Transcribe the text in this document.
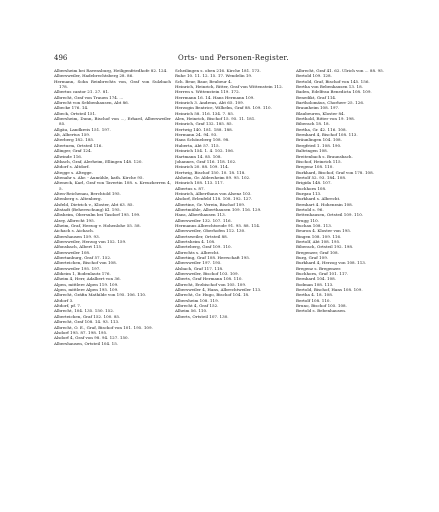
496	Orts- und Personen-Register.

Albersheim bei Ravensburg, Heiligenfriedhofe 82. 124.

Albersweiler, Hadebrechtsberg 28. 86.

Hermann, Sohn Reinbrechts von, Graf von Sulzbach 178.

Albertus cantor 21. 27. 81.

Albrecht, Graf von Trauen 174. ...

Albrecht von Sebbenhausen, Abt 86.

Albecke 176. 14.

Albeck, Ortsteil 151.

Albersheim, Dunn, Bischof von ..., Erhard, Albersweiler 85.

Allgäu, Landkreis 151. 197.

Alt, Albertus 159.

Alterberg 182. 185.

Alterturm, Ortsteil 116.

Allinger, Graf 124.

Allwinde 116.

Altbach, Graf, Alerheim, Ellingen 148. 120.

Altdorf s. Altdorf.

Altegge s. Altegge.

Altenahr s. Ahr. - Aumühle, kath. Kirche 95.

Alteneck, Karl, Graf von Tavertin 108. s. Kreuzherren 4, 5.

Alten-Reichenau, Berchtold 195.

Altenberg s. Altenberg.

Alsfeld, Dietrich v., Kloster, Abt 63. 85.

Altstadt (Beherrschung) Kl. 195.

Albsheim, Obersulm bei Tasdorf 195. 199.

Alzey, Albrecht 195.

Alheim, Graf, Herzog v. Hohenlohe 55. 58.

Aichach s. Aichach.

Albershausen 159. 93.

Albersweiler, Herzog von 152. 159.

Alfonsbach, Albert 115.

Albersweiler 108.

Albertanburg, Graf 57. 152.

Alberteichen, Bischof von 108.

Albersweiler 195. 197.

Albheim 1, Bodenlautz 176.

Alheim 4, Herr, Adalbert von 36.

Alpen, mittlere Alpen 119. 109.

Alpen, mittlere Alpen 195. 109.

Albrecht, Gräfin Mathilde von 195. 106. 110.

Altdorf 3.

Altdorf, pf. 7.

Albrecht, 104. 135. 150. 152.

Alberteichen, Graf 152. 100. 85.

Albrecht, Graf 108. 14. 93. 113.

Albrecht, O. E., Graf, Bischof von 101. 195. 109.

Alsdorf 195. 87. 198. 195.

Alsdorf 4, Graf von 98. 94. 127. 150.

Albershausen, Ortsteil 104. 15.

Scheilingen s. oben 216. Kirche 181. 173.

Ruhe 10. 11. 12. 15. 17. Wendelin 19.

Sch. Beur, Baur, Beubeur 4.

Heinrich, Heinrich, Ritter, Graf von Wittenstein 112.

Herren s. Wittenstein 119. 172.

Herrmann 16. 14. Hans Hermann 109.

Heinrich 3. Andreas, Abt 65. 109.

Herzogin Beatrice, Wilhelm, Graf 88. 109. 110.

Heinrich 58. 116. 134. 7. 85.

Alex, Heinrich, Bischof 15. 95. 11. 181.

Heinrich, Graf 132. 185. 85.

Hertwig 140. 181. 188. 188.

Hermann 24. 94. 93.

Hans Schöneberg 108. 98.

Huberta, Abt 57. 115.

Heinrich 154. 1. 4. 102. 106.

Hartmann 14. 85. 108.

Johannes, Graf 116. 118. 102.

Heinrich 20. 88. 109. 114.

Hertwig, Bischof 150. 10. 18. 118.

Alsheim, Gr. Aldersheim 89. 95. 102.

Heinrich 108. 113. 117.

Albertus s. 87.

Heinrich, Alberthaus von Alsenz 103.

Alsdorf, Erlenfeld 118. 108. 192. 127.

Albertine, Gr. Verein, Bischof 109.

Albertmühle, Alberthausen 109. 116. 129.

Hans, Alberthausen 113.

Albersweiler 132. 107. 116.

Hermanns Albrechtsrode 91. 95. 88. 114.

Albersweiler, Oberhofen 112. 130.

Albertsweiler, Ortsteil 88.

Albertsheim 4. 108.

Alberteberg, Graf 109. 110.

Albrechts s. Albrecht.

Alberting, Graf 108. Herrschaft 195.

Albersweiler 197. 195.

Alsbach, Graf 117. 118.

Albersweiler, Bischof 103. 109.

Alberts, Graf Hermann 108. 110.

Albrecht, Erzbischof von 105. 109.

Albersweiler 4, Hans, Albrechtweiler 113.

Albrecht, Gr. Hugo, Bischof 104. 18.

Albersheim 108. 119.

Albrecht 4, Graf 152.

Alheim 56. 110.

Alberts, Ortsteil 107. 130.

Albrecht, Graf 41. 62. Ulrich von ... 88. 95.

Bertold 109. 128.

Bertold, Graf, Bischof von 145. 156.

Bertha von Bebenhausen 13. 18.

Baden, Edelfrau Benedicta 108. 109.

Benedikt, Graf 114.

Bartholomäus, Chorherr 25. 126.

Braunheim 108. 197.

Blaubeuren, Kloster 84.

Berthold, Ritter von 19. 198.

Biberach 18. 18.

Bertha, Gr. 42. 116. 108.

Bernhard 4, Bischof 108. 113.

Bräunlingen 104. 108.

Bergfried 1. 108. 190.

Baltringen 108.

Breitenbach s. Braunsbach.

Bischof, Heinrich 115.

Bregenz 108. 110.

Burkhard, Bischof, Graf von 178. 108.

Bertolf 52. 93. 184. 108.

Brigida 148. 107.

Buchhorn 108.

Burgau 113.

Burkhard s. Albrecht.

Bernhart 4. Hohenrain 108.

Bertold s. 96.

Bettenhausen, Ortsteil 109. 110.

Brugg 110.

Buchau 108. 113.

Beuron 4. Kloster von 195.

Bingen 108. 109. 116.

Bertolf, Abt 108. 195.

Biberach, Ortsteil 192. 198.

Bregenzer, Graf 108.

Burg, Graf 109.

Burkhard 4, Herzog von 108. 113.

Bregenz s. Bregenzer.

Buchhorn, Graf 101. 117.

Bernhard 104. 108.

Bodman 108. 113.

Bertold, Bischof, Hans 108. 109.

Bertha 4. 18. 108.

Bertolf 108. 110.

Bruno, Bischof 105. 108.

Bertold s. Bebenhausen.
